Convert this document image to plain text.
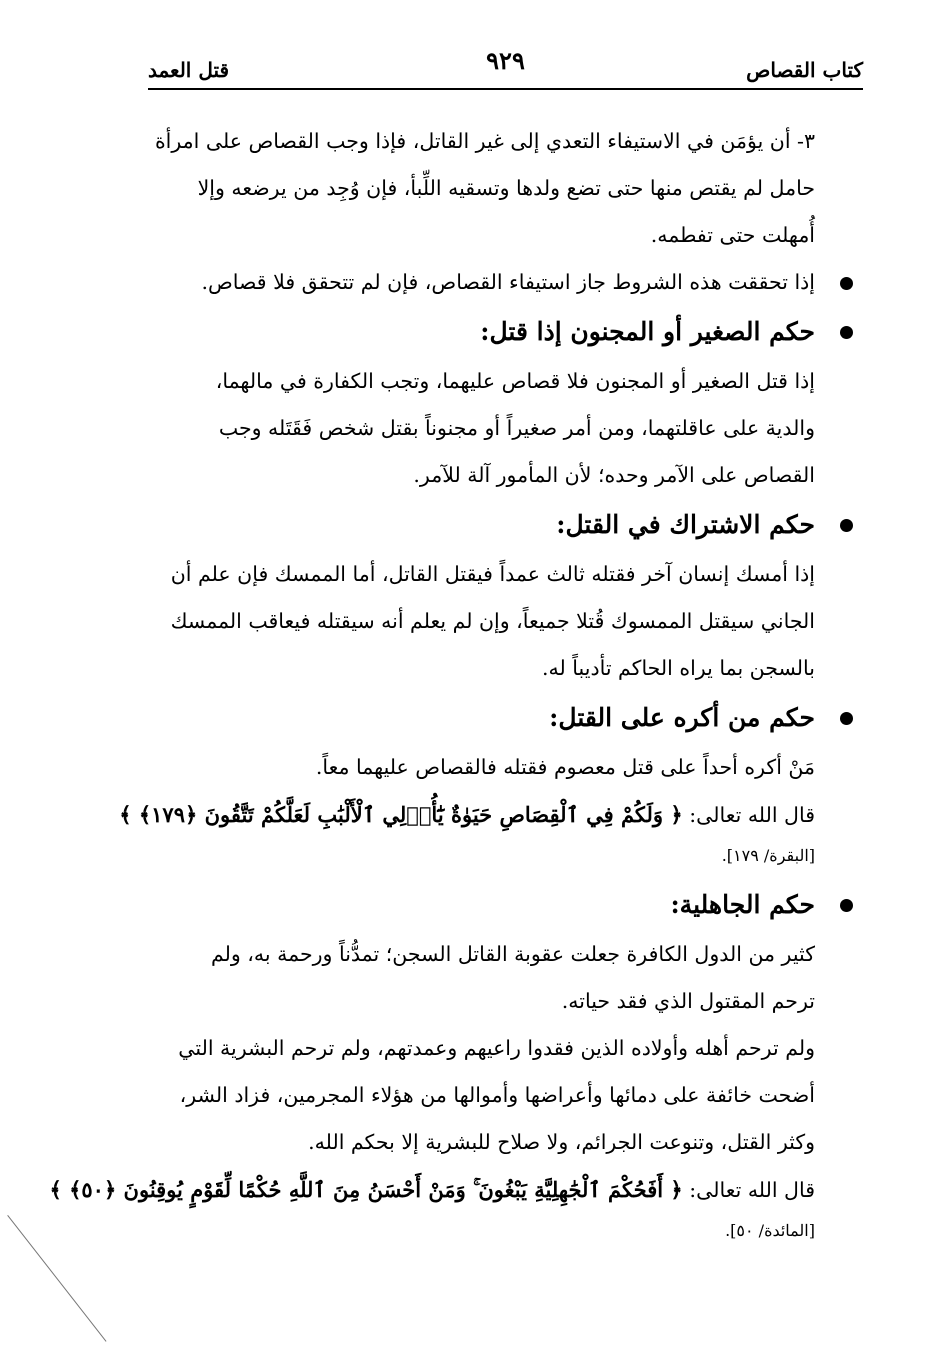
كتاب القصاص
٩٢٩
قتل العمد

٣- أن يؤمَن في الاستيفاء التعدي إلى غير القاتل، فإذا وجب القصاص على امرأة

حامل لم يقتص منها حتى تضع ولدها وتسقيه اللِّبأ، فإن وُجِد من يرضعه وإلا

أُمهلت حتى تفطمه.

إذا تحققت هذه الشروط جاز استيفاء القصاص، فإن لم تتحقق فلا قصاص.

حكم الصغير أو المجنون إذا قتل:

إذا قتل الصغير أو المجنون فلا قصاص عليهما، وتجب الكفارة في مالهما،

والدية على عاقلتهما، ومن أمر صغيراً أو مجنوناً بقتل شخص فَقَتَله وجب

القصاص على الآمر وحده؛ لأن المأمور آلة للآمر.

حكم الاشتراك في القتل:

إذا أمسك إنسان آخر فقتله ثالث عمداً فيقتل القاتل، أما الممسك فإن علم أن

الجاني سيقتل الممسوك قُتلا جميعاً، وإن لم يعلم أنه سيقتله فيعاقب الممسك

بالسجن بما يراه الحاكم تأديباً له.

حكم من أكره على القتل:

مَنْ أكره أحداً على قتل معصوم فقتله فالقصاص عليهما معاً.

قال الله تعالى: ﴿ وَلَكُمْ فِي ٱلْقِصَاصِ حَيَوٰةٌ يَٰٓأُو۟لِي ٱلْأَلْبَٰبِ لَعَلَّكُمْ تَتَّقُونَ ﴿١٧٩﴾ ﴾

[البقرة/ ١٧٩].

حكم الجاهلية:

كثير من الدول الكافرة جعلت عقوبة القاتل السجن؛ تمدُّناً ورحمة به، ولم

ترحم المقتول الذي فقد حياته.

ولم ترحم أهله وأولاده الذين فقدوا راعيهم وعمدتهم، ولم ترحم البشرية التي

أضحت خائفة على دمائها وأعراضها وأموالها من هؤلاء المجرمين، فزاد الشر،

وكثر القتل، وتنوعت الجرائم، ولا صلاح للبشرية إلا بحكم الله.

قال الله تعالى: ﴿ أَفَحُكْمَ ٱلْجَٰهِلِيَّةِ يَبْغُونَ ۚ وَمَنْ أَحْسَنُ مِنَ ٱللَّهِ حُكْمًا لِّقَوْمٍ يُوقِنُونَ ﴿٥٠﴾ ﴾

[المائدة/ ٥٠].
